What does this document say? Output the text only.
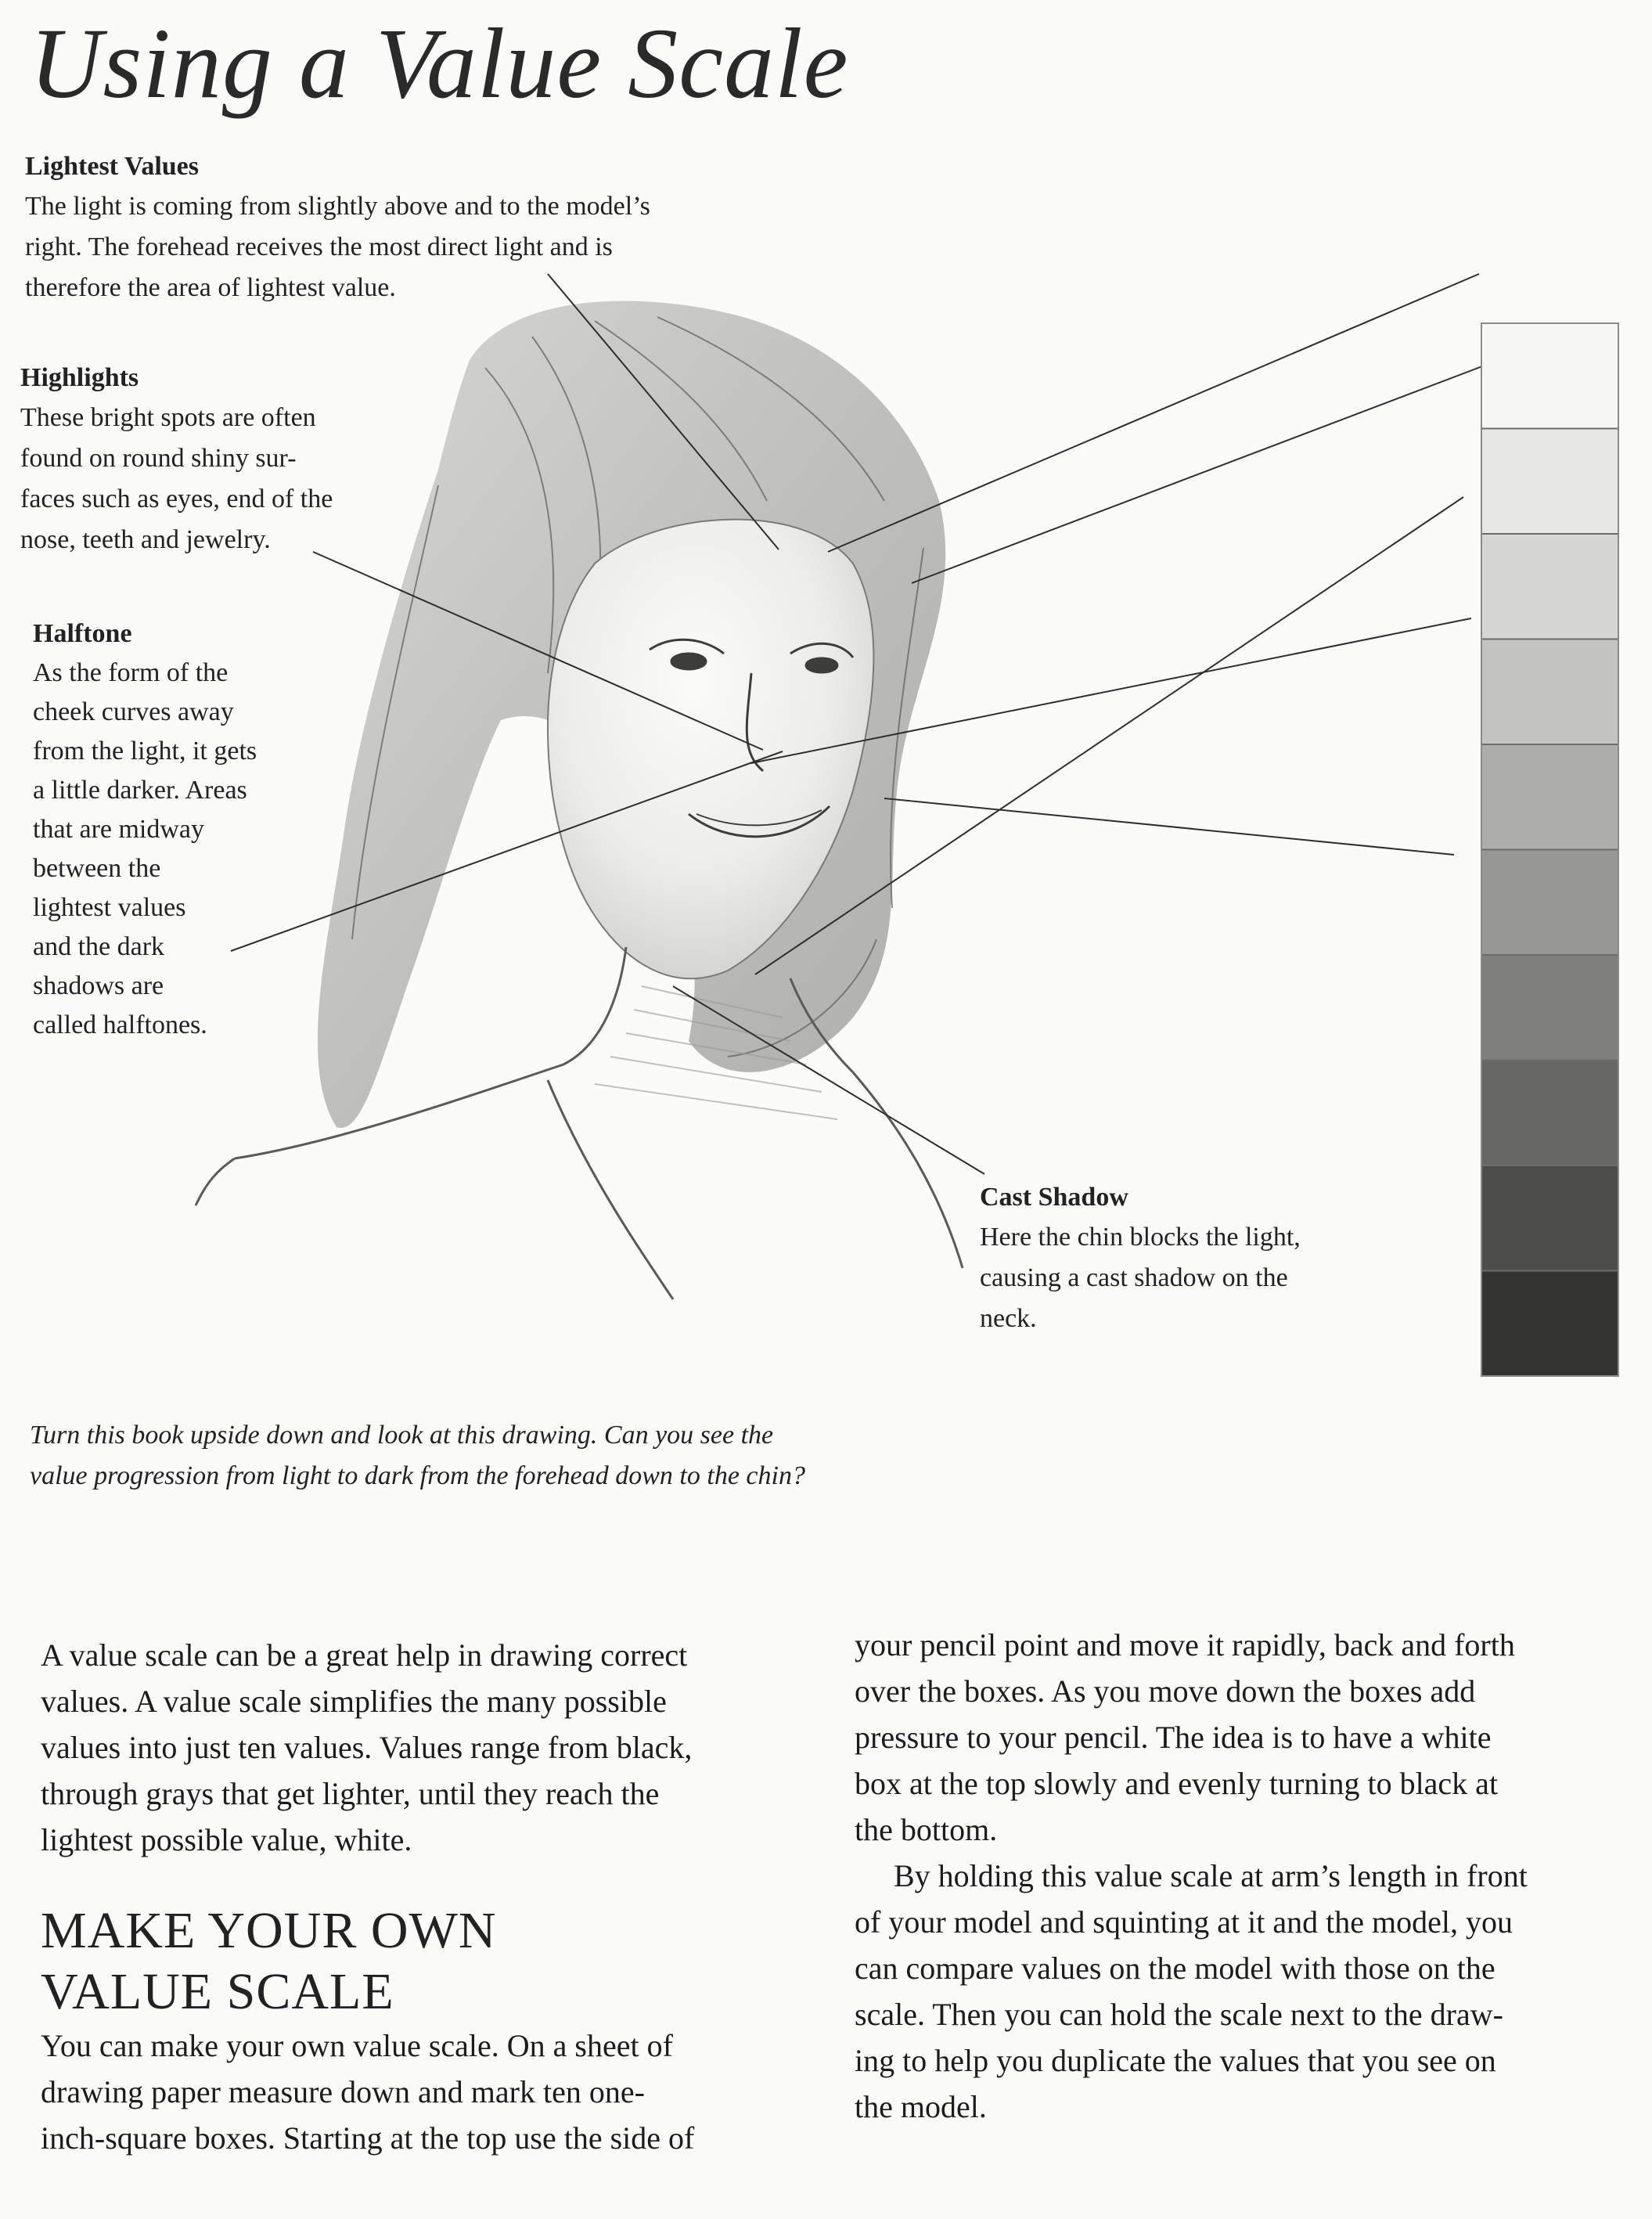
Using a Value Scale
Lightest Values

The light is coming from slightly above and to the model’s

right. The forehead receives the most direct light and is

therefore the area of lightest value.

Highlights

These bright spots are often

found on round shiny sur-

faces such as eyes, end of the

nose, teeth and jewelry.

Halftone

As the form of the

cheek curves away

from the light, it gets

a little darker. Areas

that are midway

between the

lightest values

and the dark

shadows are

called halftones.

Cast Shadow

Here the chin blocks the light,

causing a cast shadow on the

neck.

Turn this book upside down and look at this drawing. Can you see the
value progression from light to dark from the forehead down to the chin?

A value scale can be a great help in drawing correct

values. A value scale simplifies the many possible

values into just ten values. Values range from black,

through grays that get lighter, until they reach the

lightest possible value, white.

MAKE YOUR OWN
VALUE SCALE

You can make your own value scale. On a sheet of

drawing paper measure down and mark ten one-

inch-square boxes. Starting at the top use the side of

your pencil point and move it rapidly, back and forth

over the boxes. As you move down the boxes add

pressure to your pencil. The idea is to have a white

box at the top slowly and evenly turning to black at

the bottom.

By holding this value scale at arm’s length in front

of your model and squinting at it and the model, you

can compare values on the model with those on the

scale. Then you can hold the scale next to the draw-

ing to help you duplicate the values that you see on

the model.
